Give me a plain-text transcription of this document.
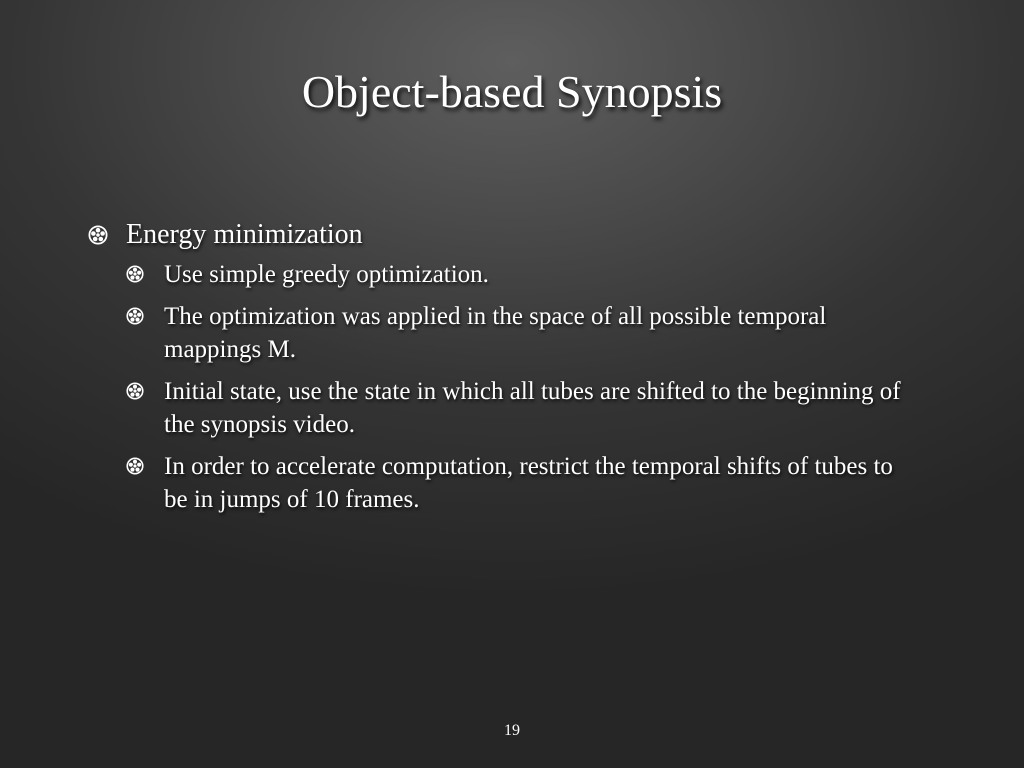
Object-based Synopsis
Energy minimization
Use simple greedy optimization.
The optimization was applied in the space of all possible temporal mappings M.
Initial state, use the state in which all tubes are shifted to the beginning of the synopsis video.
In order to accelerate computation, restrict the temporal shifts of tubes to be in jumps of 10 frames.
19
